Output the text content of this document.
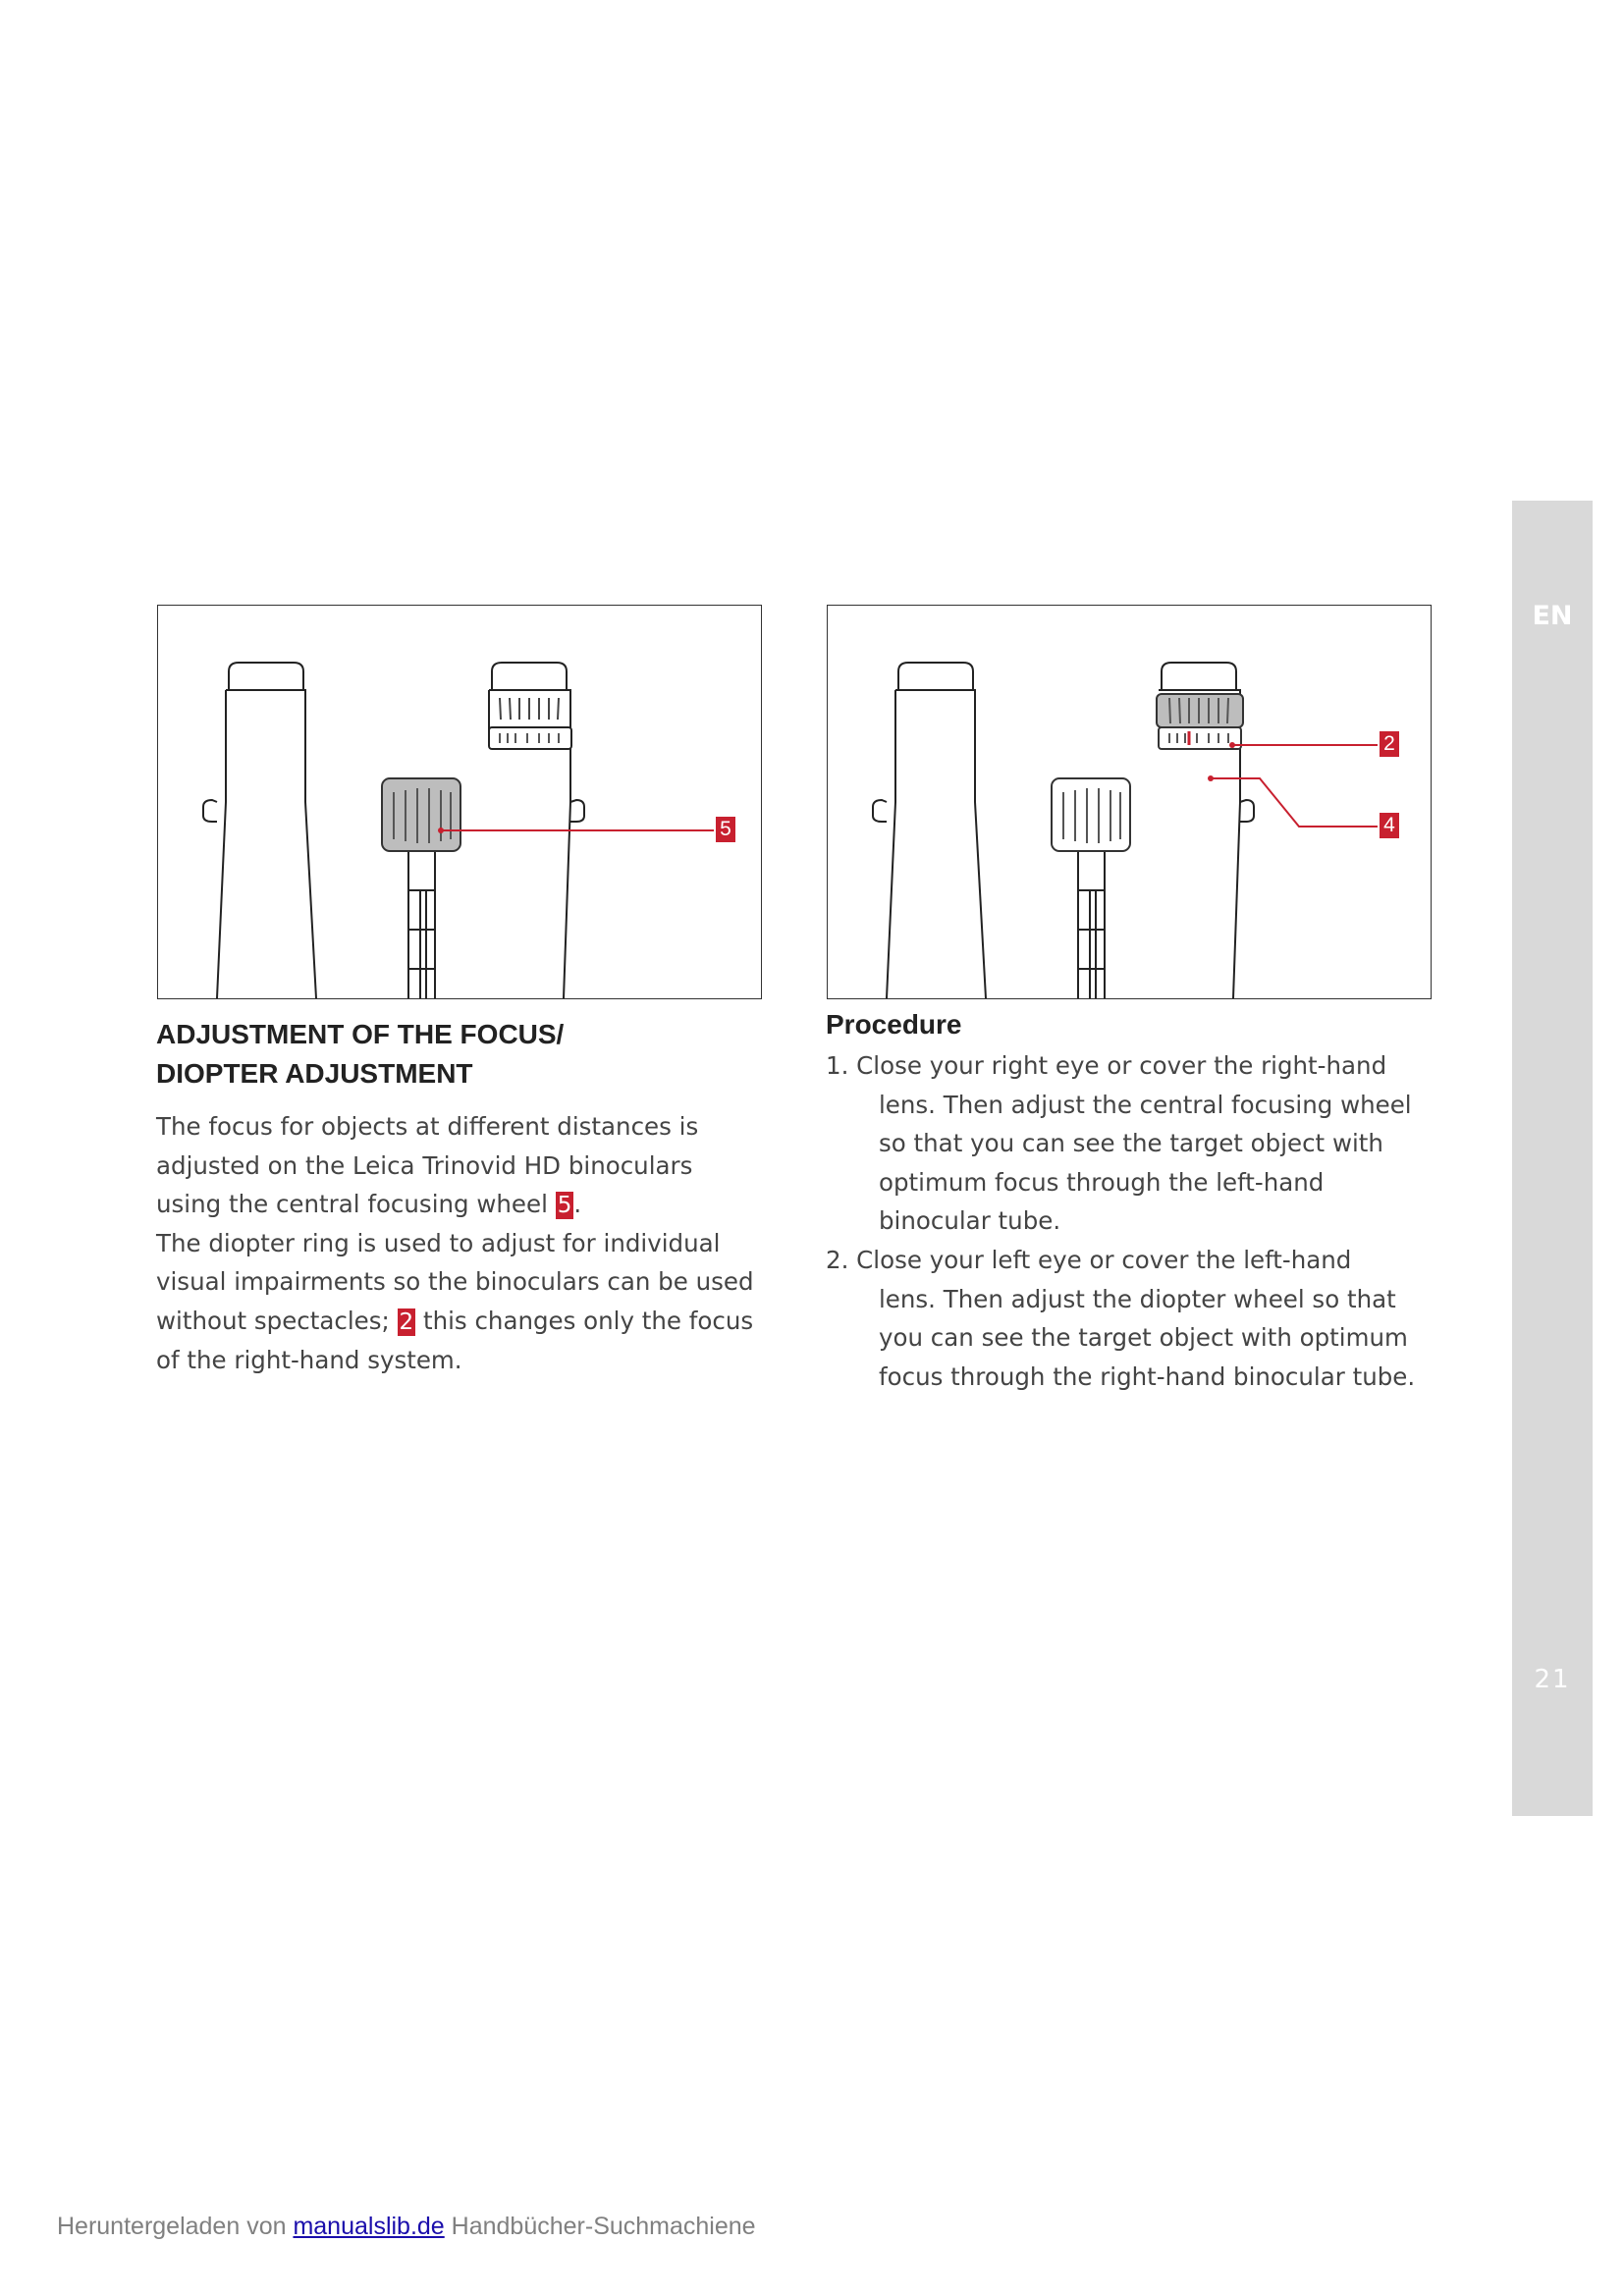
EN
21
5
2
4
ADJUSTMENT OF THE FOCUS/
DIOPTER ADJUSTMENT
The focus for objects at different distances is
adjusted on the Leica Trinovid HD binoculars
using the central focusing wheel 5.
The diopter ring is used to adjust for individual
visual impairments so the binoculars can be used
without spectacles; 2 this changes only the focus
of the right-hand system.
Procedure
1. Close your right eye or cover the right-hand
lens. Then adjust the central focusing wheel
so that you can see the target object with
optimum focus through the left-hand
binocular tube.
2. Close your left eye or cover the left-hand
lens. Then adjust the diopter wheel so that
you can see the target object with optimum
focus through the right-hand binocular tube.
Heruntergeladen von manualslib.de Handbücher-Suchmachiene
